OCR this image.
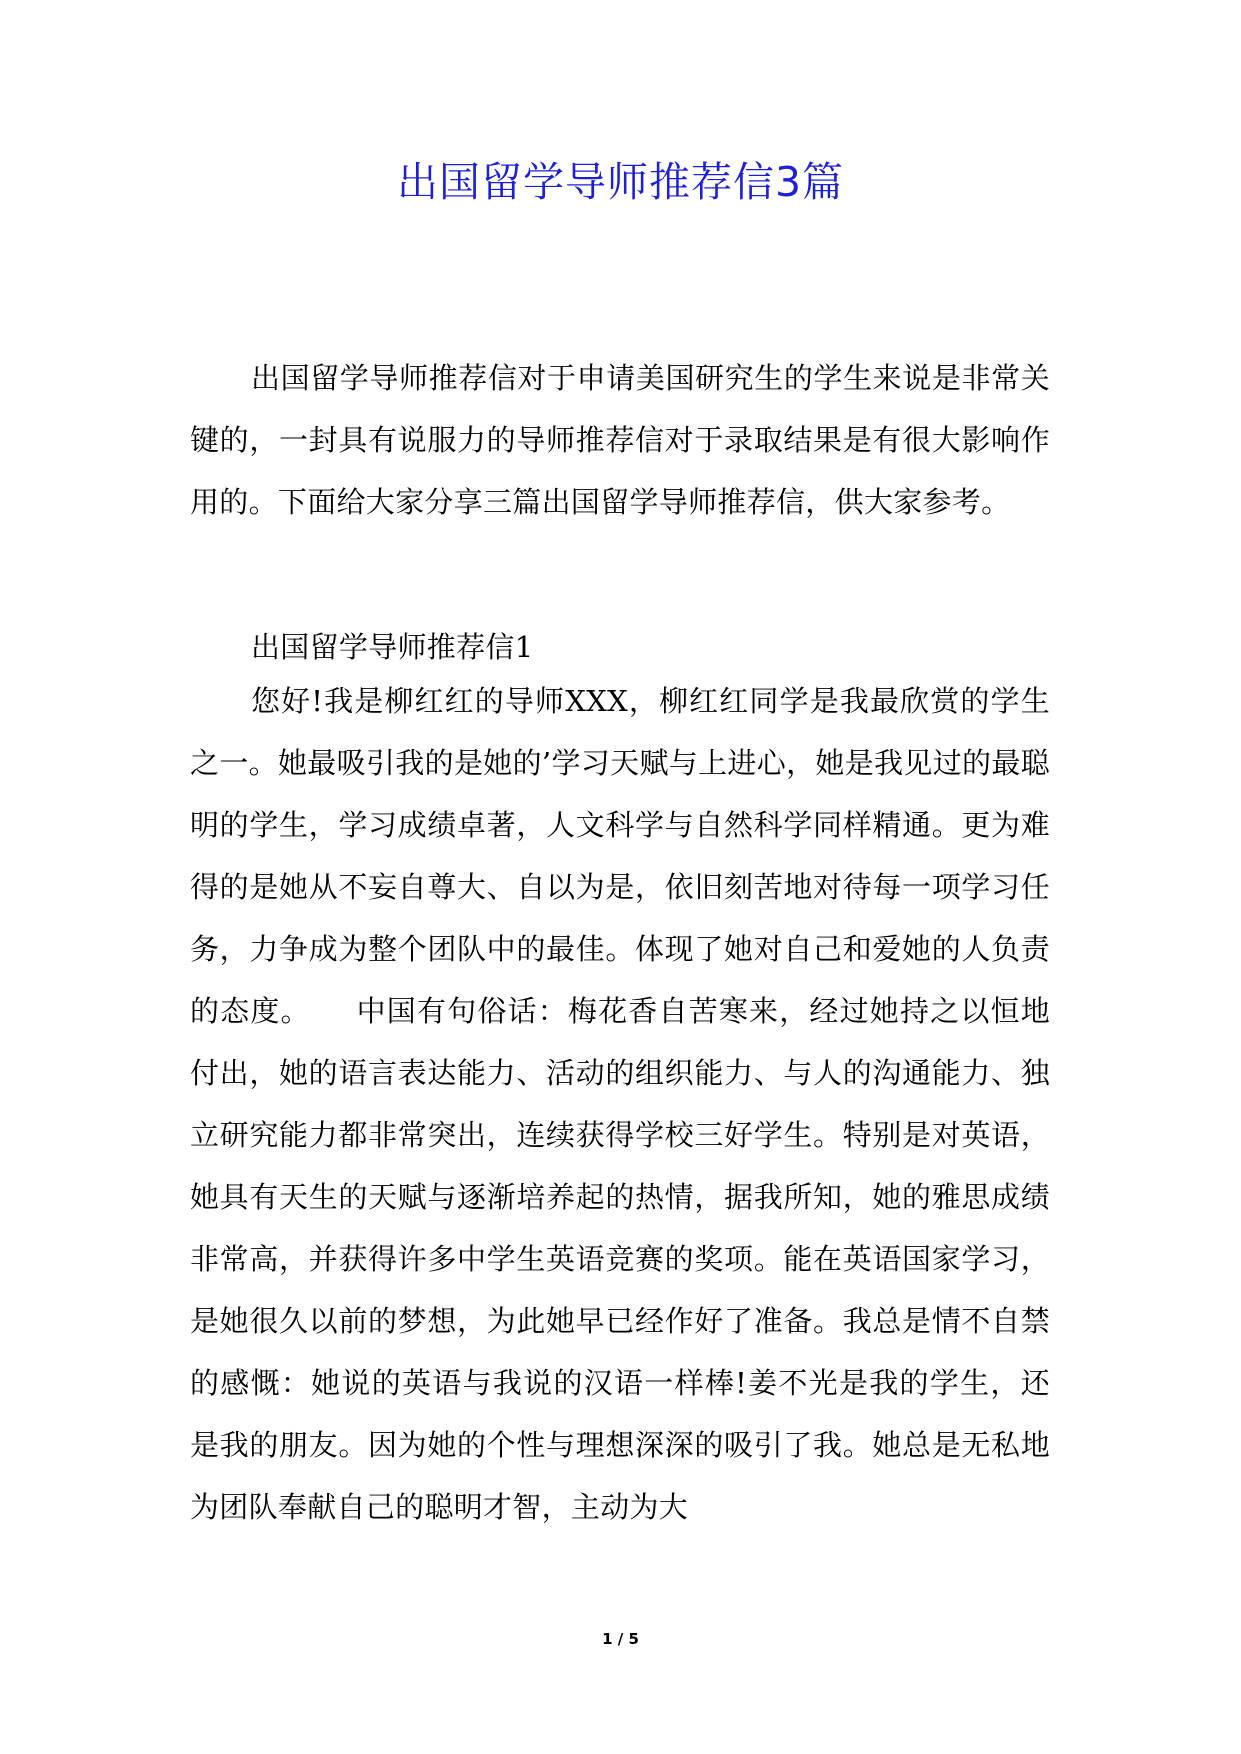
出国留学导师推荐信3篇

出国留学导师推荐信对于申请美国研究生的学生来说是非常关键的，一封具有说服力的导师推荐信对于录取结果是有很大影响作用的。下面给大家分享三篇出国留学导师推荐信，供大家参考。

出国留学导师推荐信1

您好!我是柳红红的导师XXX，柳红红同学是我最欣赏的学生之一。她最吸引我的是她的’学习天赋与上进心，她是我见过的最聪明的学生，学习成绩卓著，人文科学与自然科学同样精通。更为难得的是她从不妄自尊大、自以为是，依旧刻苦地对待每一项学习任务，力争成为整个团队中的最佳。体现了她对自己和爱她的人负责的态度。　　中国有句俗话：梅花香自苦寒来，经过她持之以恒地付出，她的语言表达能力、活动的组织能力、与人的沟通能力、独立研究能力都非常突出，连续获得学校三好学生。特别是对英语，她具有天生的天赋与逐渐培养起的热情，据我所知，她的雅思成绩非常高，并获得许多中学生英语竞赛的奖项。能在英语国家学习，是她很久以前的梦想，为此她早已经作好了准备。我总是情不自禁的感慨：她说的英语与我说的汉语一样棒!姜不光是我的学生，还是我的朋友。因为她的个性与理想深深的吸引了我。她总是无私地为团队奉献自己的聪明才智，主动为大

1 / 5
